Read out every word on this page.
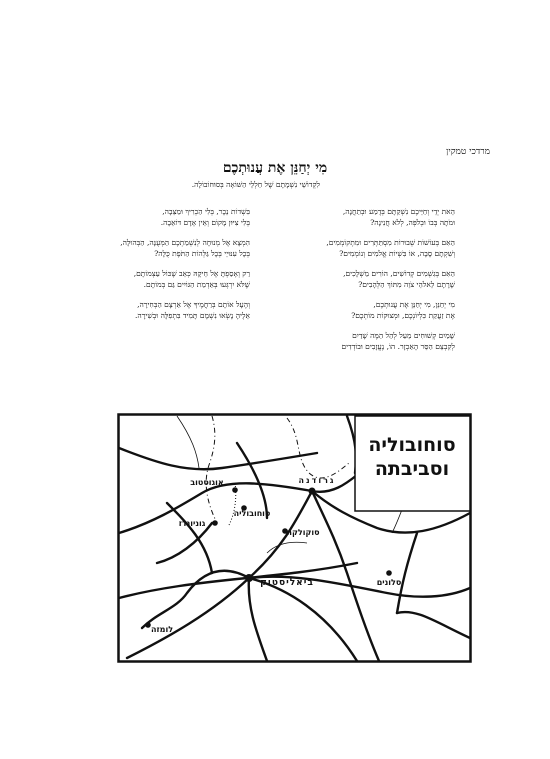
מרדכי טמקין
מִי יְחַנֵּן אֶת עֲנוּתְכֶם
לִקְדוֹשֵׁי נִשְׁמָתָם שֶׁל חַלְלֵי הַשּׁוֹאָה בְּסוּחוֹבוֹלָה.
הֵאת יְדֵי וְחַיֵּיכֶם נִשְׁקַתָּם בְּדֶמַע וּבְתַחֲנָה,
וּמֹתָה בְּבוֹ וּבְלֹפְּה, לְלֹא חֲנִינָה?
הַאִם בְּעוֹשׁוֹת שְׁבוּרוֹת מִסְתַּתְּרִים וּמִתְקוֹמְמִים,
וְשִׁקְתָם סָבָה, אוֹ בִּשְׁיוֹת אֱלֹמִים וְנוֹמְמִים?
הַאִם בְּגִשְׁמִים קְדוֹשִׁים, הוֹרִים מַשְׁלָכִים,
שָׁרָתָם לֵאלֹהֵי צֹוֵה מִתּוֹךְ הַלְּהָבִים?
מִי יְחַנֵּן, מִי יְחַנֵּן אֶת עֲנוּתְכֶם,
אֶת זַעֲקַת כִּלְיוֹנְכֶם, וּמְצוּקוֹת מוֹתְכֶם?
שָׁמַיִם קְשׁוּחִים מֵעַל לְהַל הַמֶּה שָׁדַיִם
לְקִבְצֵם הַסֵּר הָאַכְזָר. הוֹ, נֶעֱזָבִים וּבוֹדְדִים
בִּשְׁדוֹת נֵכָר, בְּלִי הַכְרִיךְ וּמַצֵּבָה,
בְּלִי צִיּוּן מָקוֹם וְאֵין אָדָם דּוֹאֵבָה.
הִמְצָא אֶל מְנוּחָה לְנִשְׁמַתְכֶם הַמְּעֻנָּה, הַבְּהוּלָה,
בְּכָל עִנּוּיֵי בְּכָל גַּלְּהוֹת הַתֹּפֶת כֻּלָּה?
רַק וְאָסַפְתָּ אֶל חֵיקָהּ כְּאֵב שֶׁכּוֹל עַצְמוֹתָם,
שֶׁלֹּא יִרְגְּעוּ בְּאַדְמַת הַגּוֹיִים גַּם בְּמוֹתָם.
וְהֶעָל אוֹתָם בְּרַחֲמֶיךָ אֶל אַרְצָם הַבְּחִירָה,
אֵלֶיהָ נָשְׂאוּ נִשְׁמָם תָּמִיד בִּתְפִלָּה וּבְשִׁירָה.
סוחובוליה
וסביבתה
גרודנה
אוגוסטוב
גוניונדז
סוחובוליה
סוקולקה
ביאליסטוק
לומזה
סלונים
